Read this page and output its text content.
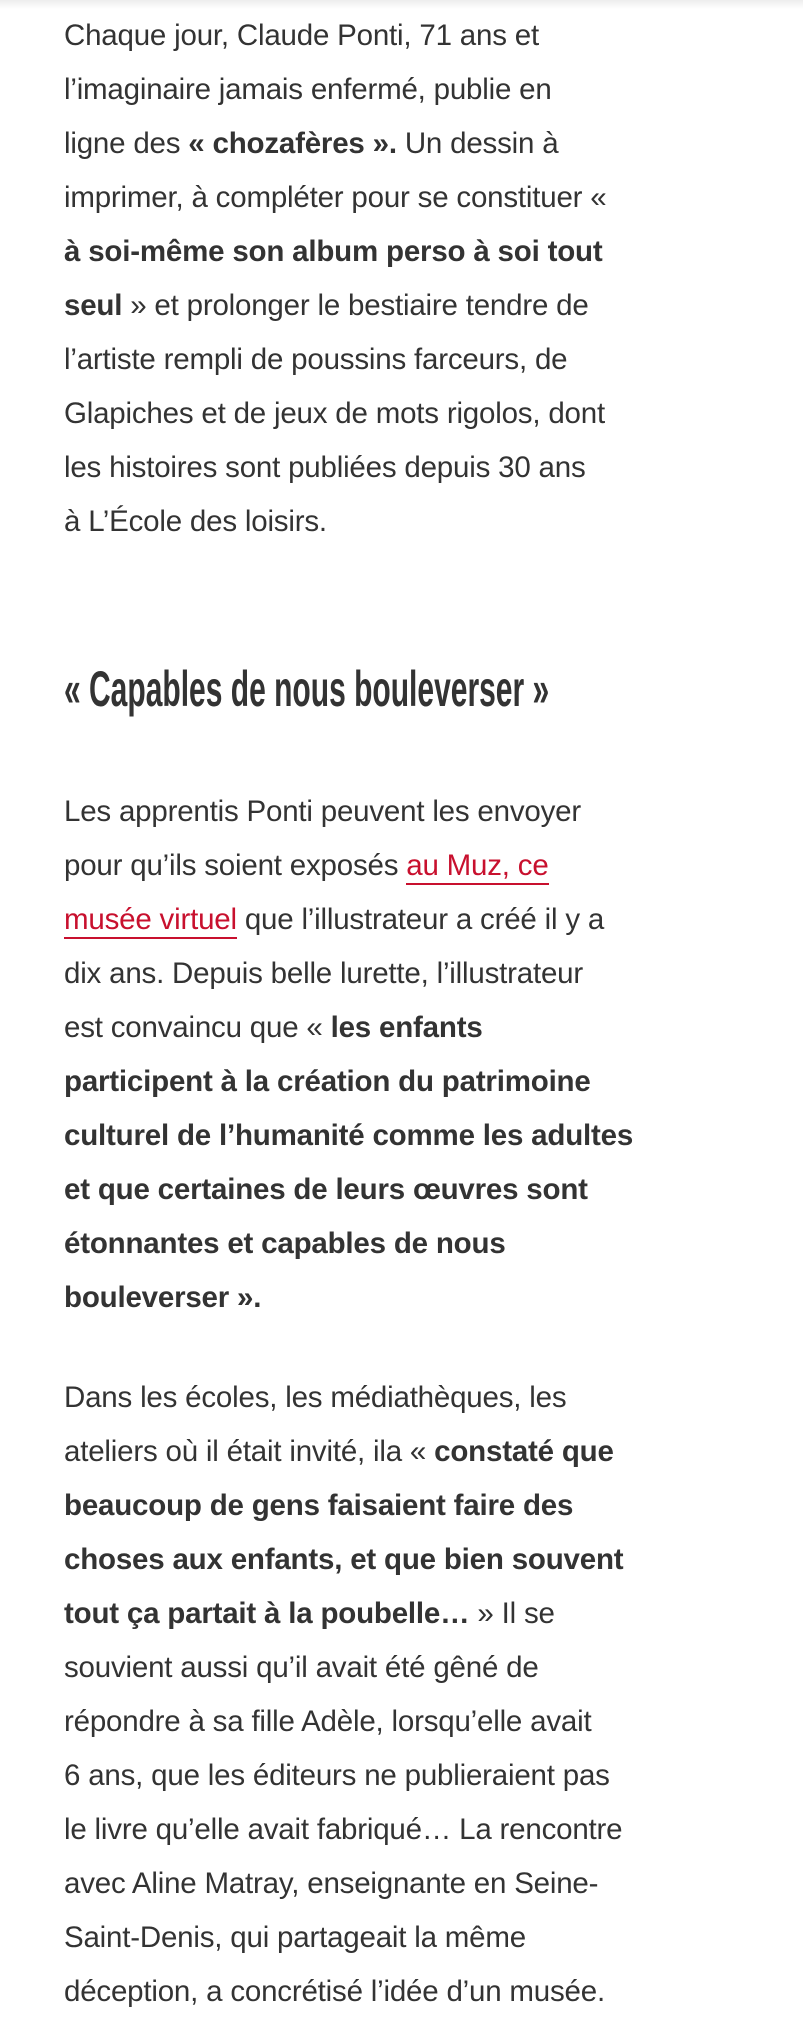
Chaque jour, Claude Ponti, 71 ans et
l’imaginaire jamais enfermé, publie en
ligne des « chozafères ». Un dessin à
imprimer, à compléter pour se constituer «
à soi-même son album perso à soi tout
seul » et prolonger le bestiaire tendre de
l’artiste rempli de poussins farceurs, de
Glapiches et de jeux de mots rigolos, dont
les histoires sont publiées depuis 30 ans
à L’École des loisirs.
« Capables de nous bouleverser »
Les apprentis Ponti peuvent les envoyer
pour qu’ils soient exposés au Muz, ce
musée virtuel que l’illustrateur a créé il y a
dix ans. Depuis belle lurette, l’illustrateur
est convaincu que « les enfants
participent à la création du patrimoine
culturel de l’humanité comme les adultes
et que certaines de leurs œuvres sont
étonnantes et capables de nous
bouleverser ».
Dans les écoles, les médiathèques, les
ateliers où il était invité, ila « constaté que
beaucoup de gens faisaient faire des
choses aux enfants, et que bien souvent
tout ça partait à la poubelle… » Il se
souvient aussi qu’il avait été gêné de
répondre à sa fille Adèle, lorsqu’elle avait
6 ans, que les éditeurs ne publieraient pas
le livre qu’elle avait fabriqué… La rencontre
avec Aline Matray, enseignante en Seine-
Saint-Denis, qui partageait la même
déception, a concrétisé l’idée d’un musée.
